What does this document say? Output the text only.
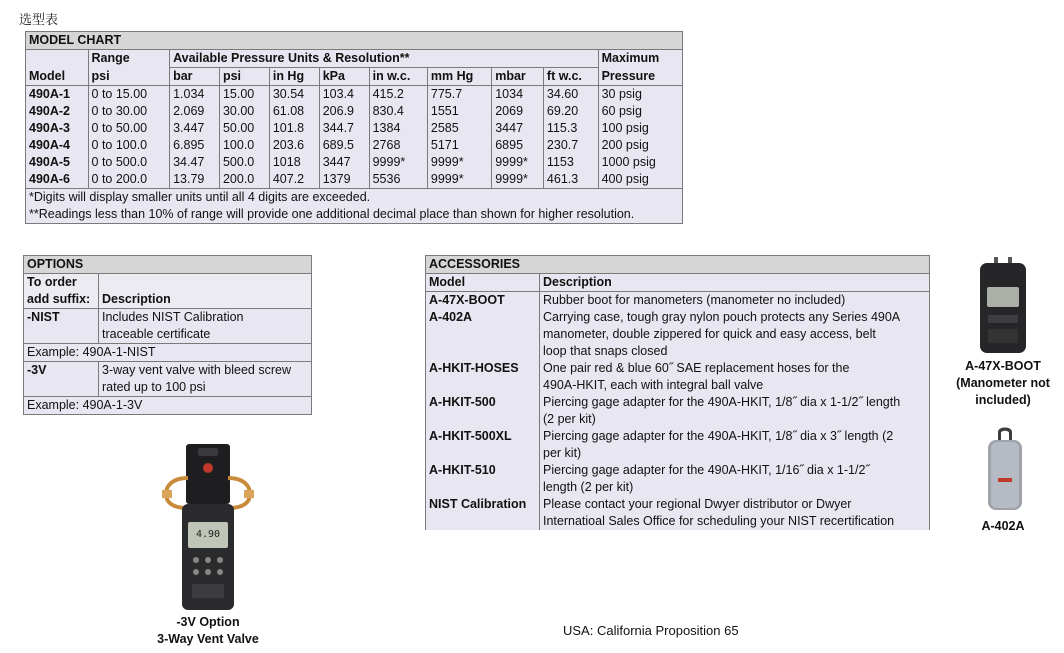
选型表
MODEL CHART										
	Range	Available Pressure Units & Resolution**								Maximum
Model	psi	bar	psi	in Hg	kPa	in w.c.	mm Hg	mbar	ft w.c.	Pressure
490A-1	0 to 15.00	1.034	15.00	30.54	103.4	415.2	775.7	1034	34.60	30 psig
490A-2	0 to 30.00	2.069	30.00	61.08	206.9	830.4	1551	2069	69.20	60 psig
490A-3	0 to 50.00	3.447	50.00	101.8	344.7	1384	2585	3447	115.3	100 psig
490A-4	0 to 100.0	6.895	100.0	203.6	689.5	2768	5171	6895	230.7	200 psig
490A-5	0 to 500.0	34.47	500.0	1018	3447	9999*	9999*	9999*	1153	1000 psig
490A-6	0 to 200.0	13.79	200.0	407.2	1379	5536	9999*	9999*	461.3	400 psig
*Digits will display smaller units until all 4 digits are exceeded.										
**Readings less than 10% of range will provide one additional decimal place than shown for higher resolution.										
OPTIONS	

To order
add suffix:	Description
-NIST	Includes NIST Calibration
traceable certificate

Example: 490A-1-NIST	
-3V	3-way vent valve with bleed screw
rated up to 100 psi

Example: 490A-1-3V	
ACCESSORIES	
Model	Description
A-47X-BOOT	Rubber boot for manometers (manometer no included)

A-402A	Carrying case, tough gray nylon pouch protects any Series 490A
manometer, double zippered for quick and easy access, belt
loop that snaps closed

A-HKIT-HOSES	One pair red & blue 60˝ SAE replacement hoses for the
490A-HKIT, each with integral ball valve

A-HKIT-500	Piercing gage adapter for the 490A-HKIT, 1/8˝ dia x 1-1/2˝ length
(2 per kit)

A-HKIT-500XL	Piercing gage adapter for the 490A-HKIT, 1/8˝ dia x 3˝ length (2
per kit)

A-HKIT-510	Piercing gage adapter for the 490A-HKIT, 1/16˝ dia x 1-1/2˝
length (2 per kit)

NIST Calibration	Please contact your regional Dwyer distributor or Dwyer
Internatioal Sales Office for scheduling your NIST recertification
4.90
-3V Option
3-Way Vent Valve
A-47X-BOOT
(Manometer not
included)
A-402A
USA: California Proposition 65
